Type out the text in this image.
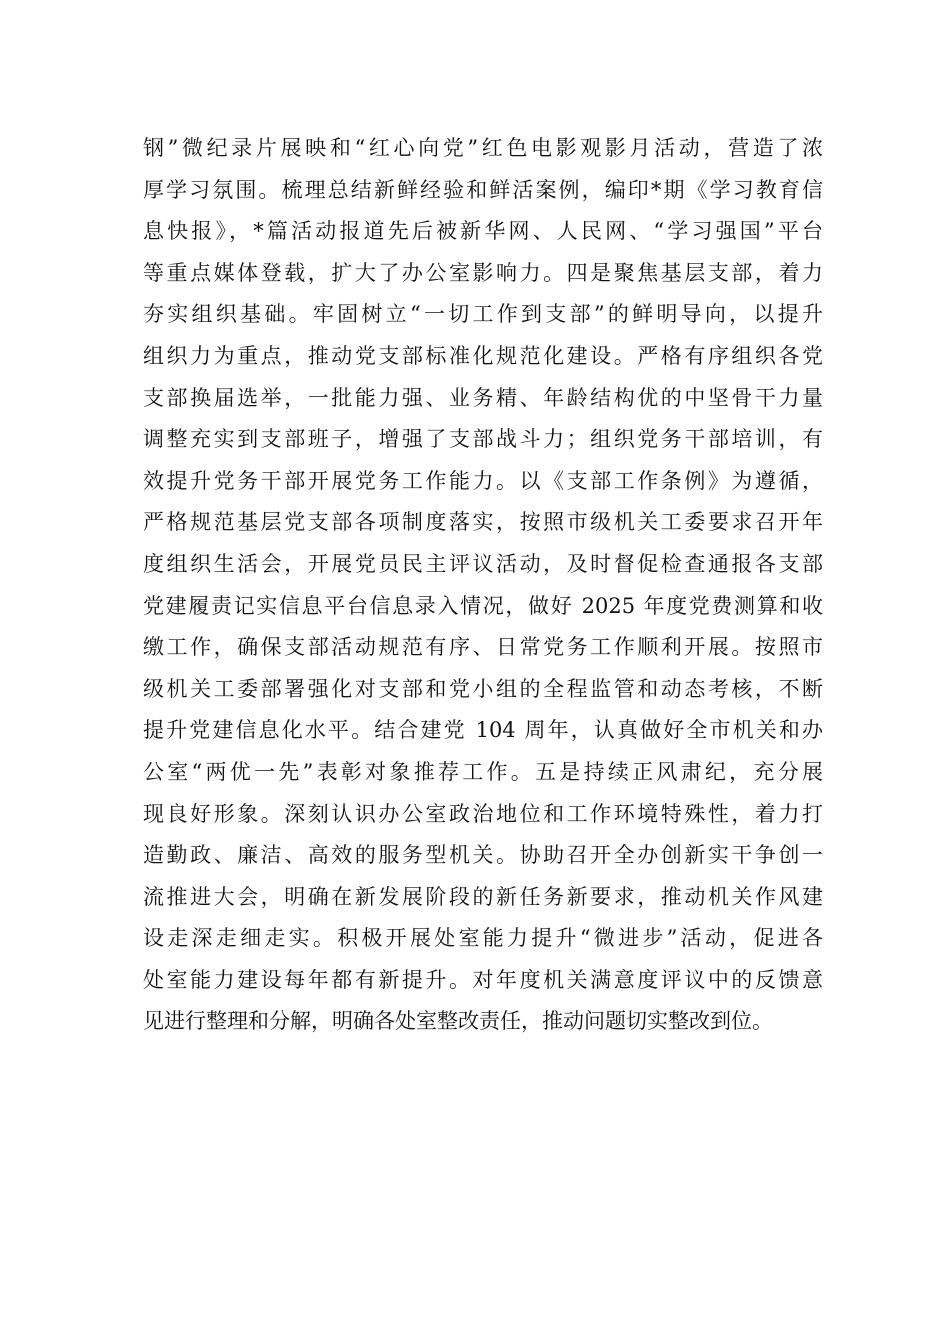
钢”微纪录片展映和“红心向党”红色电影观影月活动，营造了浓
厚学习氛围。梳理总结新鲜经验和鲜活案例，编印*期《学习教育信
息快报》，*篇活动报道先后被新华网、人民网、“学习强国”平台
等重点媒体登载，扩大了办公室影响力。四是聚焦基层支部，着力
夯实组织基础。牢固树立“一切工作到支部”的鲜明导向，以提升
组织力为重点，推动党支部标准化规范化建设。严格有序组织各党
支部换届选举，一批能力强、业务精、年龄结构优的中坚骨干力量
调整充实到支部班子，增强了支部战斗力；组织党务干部培训，有
效提升党务干部开展党务工作能力。以《支部工作条例》为遵循，
严格规范基层党支部各项制度落实，按照市级机关工委要求召开年
度组织生活会，开展党员民主评议活动，及时督促检查通报各支部
党建履责记实信息平台信息录入情况，做好 2025 年度党费测算和收
缴工作，确保支部活动规范有序、日常党务工作顺利开展。按照市
级机关工委部署强化对支部和党小组的全程监管和动态考核，不断
提升党建信息化水平。结合建党 104 周年，认真做好全市机关和办
公室“两优一先”表彰对象推荐工作。五是持续正风肃纪，充分展
现良好形象。深刻认识办公室政治地位和工作环境特殊性，着力打
造勤政、廉洁、高效的服务型机关。协助召开全办创新实干争创一
流推进大会，明确在新发展阶段的新任务新要求，推动机关作风建
设走深走细走实。积极开展处室能力提升“微进步”活动，促进各
处室能力建设每年都有新提升。对年度机关满意度评议中的反馈意
见进行整理和分解，明确各处室整改责任，推动问题切实整改到位。
